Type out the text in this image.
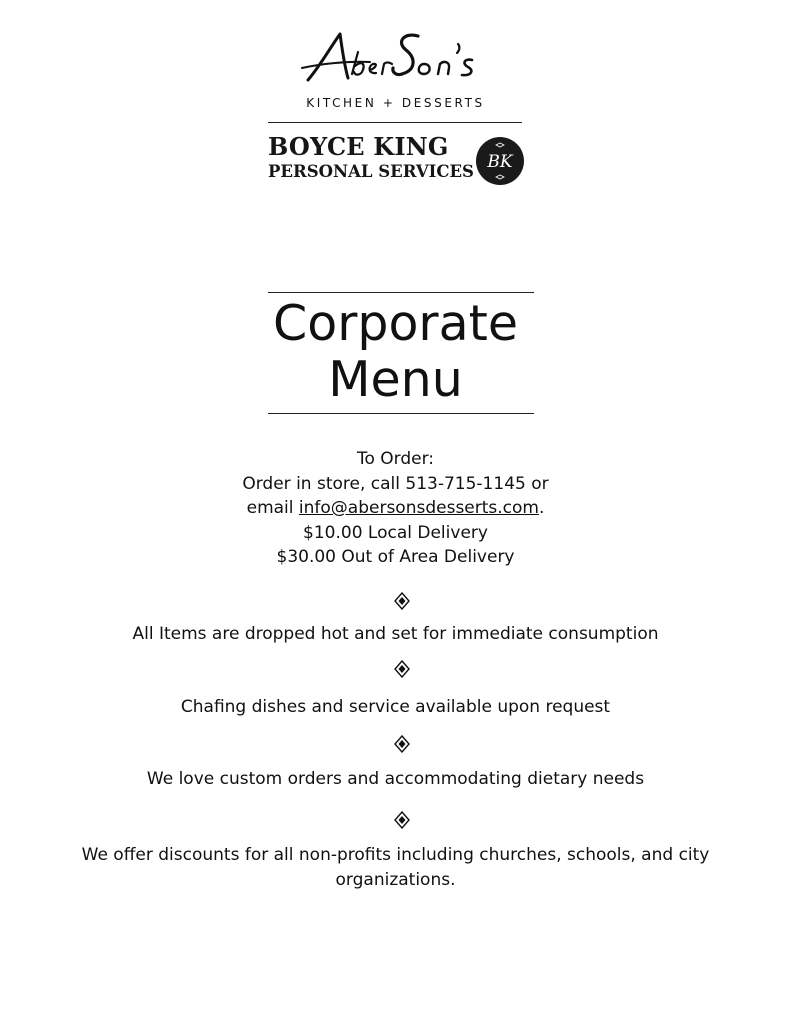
KITCHEN + DESSERTS
BOYCE KING
PERSONAL SERVICES BK
Corporate
Menu
To Order:
Order in store, call 513-715-1145 or
email info@abersonsdesserts.com.
$10.00 Local Delivery
$30.00 Out of Area Delivery
All Items are dropped hot and set for immediate consumption
Chafing dishes and service available upon request
We love custom orders and accommodating dietary needs
We offer discounts for all non-profits including churches, schools, and city organizations.
